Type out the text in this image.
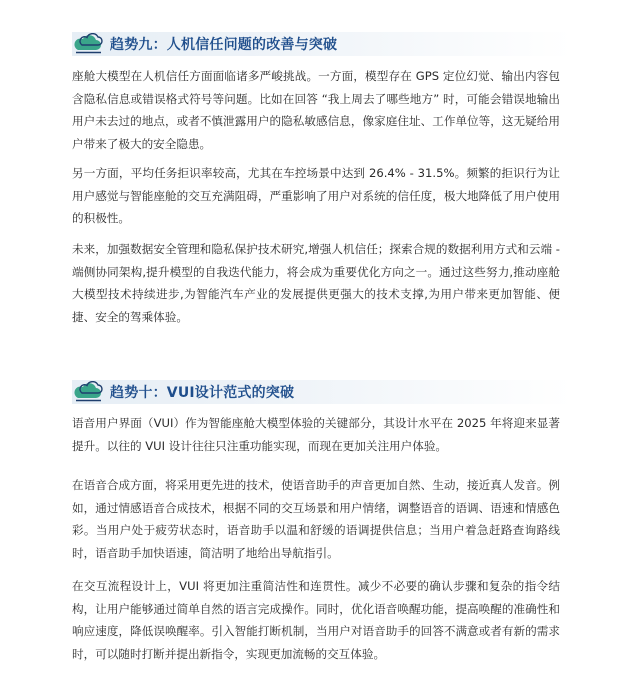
趋势九：人机信任问题的改善与突破

座舱大模型在人机信任方面面临诸多严峻挑战。一方面，模型存在 GPS 定位幻觉、输出内容包含隐私信息或错误格式符号等问题。比如在回答 “我上周去了哪些地方” 时，可能会错误地输出用户未去过的地点，或者不慎泄露用户的隐私敏感信息，像家庭住址、工作单位等，这无疑给用户带来了极大的安全隐患。

另一方面，平均任务拒识率较高，尤其在车控场景中达到 26.4% - 31.5%。频繁的拒识行为让用户感觉与智能座舱的交互充满阻碍，严重影响了用户对系统的信任度，极大地降低了用户使用的积极性。

未来，加强数据安全管理和隐私保护技术研究,增强人机信任；探索合规的数据利用方式和云端 - 端侧协同架构,提升模型的自我迭代能力，将会成为重要优化方向之一。通过这些努力,推动座舱大模型技术持续进步,为智能汽车产业的发展提供更强大的技术支撑,为用户带来更加智能、便捷、安全的驾乘体验。

趋势十：VUI设计范式的突破

语音用户界面（VUI）作为智能座舱大模型体验的关键部分，其设计水平在 2025 年将迎来显著提升。以往的 VUI 设计往往只注重功能实现，而现在更加关注用户体验。

在语音合成方面，将采用更先进的技术，使语音助手的声音更加自然、生动，接近真人发音。例如，通过情感语音合成技术，根据不同的交互场景和用户情绪，调整语音的语调、语速和情感色彩。当用户处于疲劳状态时，语音助手以温和舒缓的语调提供信息；当用户着急赶路查询路线时，语音助手加快语速，简洁明了地给出导航指引。

在交互流程设计上，VUI 将更加注重简洁性和连贯性。减少不必要的确认步骤和复杂的指令结构，让用户能够通过简单自然的语言完成操作。同时，优化语音唤醒功能，提高唤醒的准确性和响应速度，降低误唤醒率。引入智能打断机制，当用户对语音助手的回答不满意或者有新的需求时，可以随时打断并提出新指令，实现更加流畅的交互体验。
